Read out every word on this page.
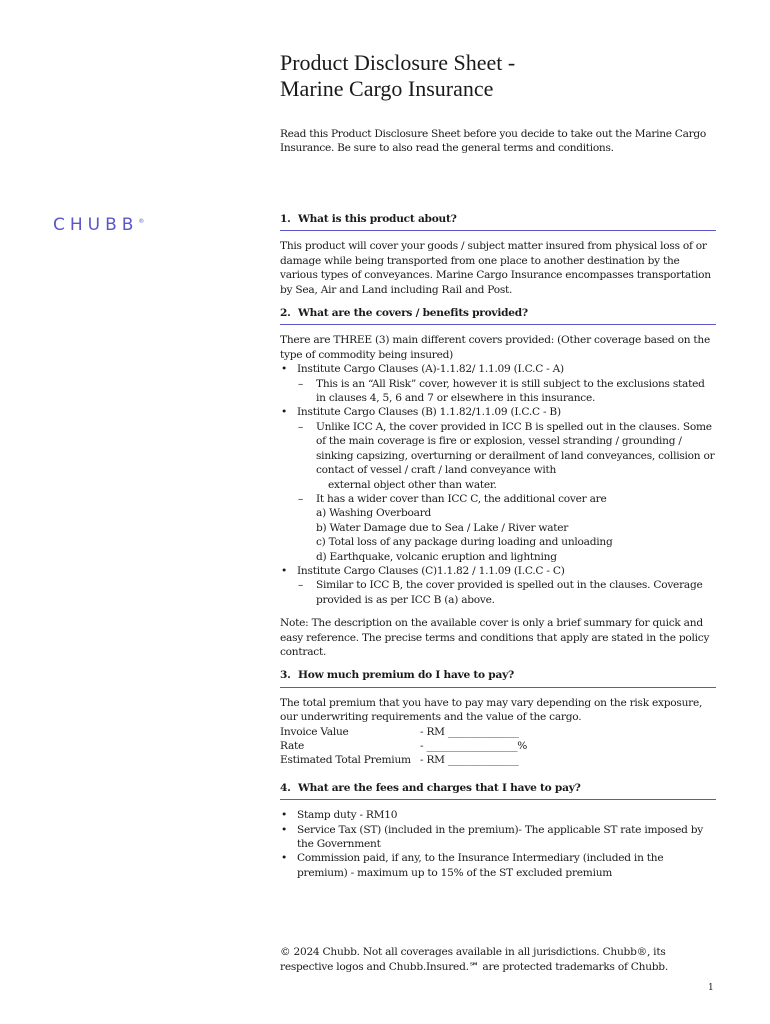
Product Disclosure Sheet -
Marine Cargo Insurance
Read this Product Disclosure Sheet before you decide to take out the Marine Cargo Insurance. Be sure to also read the general terms and conditions.
CHUBB®	1. What is this product about?

This product will cover your goods / subject matter insured from physical loss of or damage while being transported from one place to another destination by the various types of conveyances. Marine Cargo Insurance encompasses transportation by Sea, Air and Land including Rail and Post.

2. What are the covers / benefits provided?

There are THREE (3) main different covers provided: (Other coverage based on the type of commodity being insured)

• Institute Cargo Clauses (A)-1.1.82/ 1.1.09 (I.C.C - A)
– This is an “All Risk” cover, however it is still subject to the exclusions stated in clauses 4, 5, 6 and 7 or elsewhere in this insurance.
• Institute Cargo Clauses (B) 1.1.82/1.1.09 (I.C.C - B)
– Unlike ICC A, the cover provided in ICC B is spelled out in the clauses. Some of the main coverage is fire or explosion, vessel stranding / grounding / sinking capsizing, overturning or derailment of land conveyances, collision or contact of vessel / craft / land conveyance with
external object other than water.
– It has a wider cover than ICC C, the additional cover are
a) Washing Overboard
b) Water Damage due to Sea / Lake / River water
c) Total loss of any package during loading and unloading
d) Earthquake, volcanic eruption and lightning
• Institute Cargo Clauses (C)1.1.82 / 1.1.09 (I.C.C - C)
– Similar to ICC B, the cover provided is spelled out in the clauses. Coverage provided is as per ICC B (a) above.

Note: The description on the available cover is only a brief summary for quick and easy reference. The precise terms and conditions that apply are stated in the policy contract.

3. How much premium do I have to pay?

The total premium that you have to pay may vary depending on the risk exposure, our underwriting requirements and the value of the cargo.

Invoice Value	- RM ______________
Rate	- __________________%
Estimated Total Premium - RM ______________
4. What are the fees and charges that I have to pay?
• Stamp duty - RM10
• Service Tax (ST) (included in the premium)- The applicable ST rate imposed by the Government
• Commission paid, if any, to the Insurance Intermediary (included in the premium) - maximum up to 15% of the ST excluded premium
© 2024 Chubb. Not all coverages available in all jurisdictions. Chubb®, its
respective logos and Chubb.Insured.℠ are protected trademarks of Chubb.
1
